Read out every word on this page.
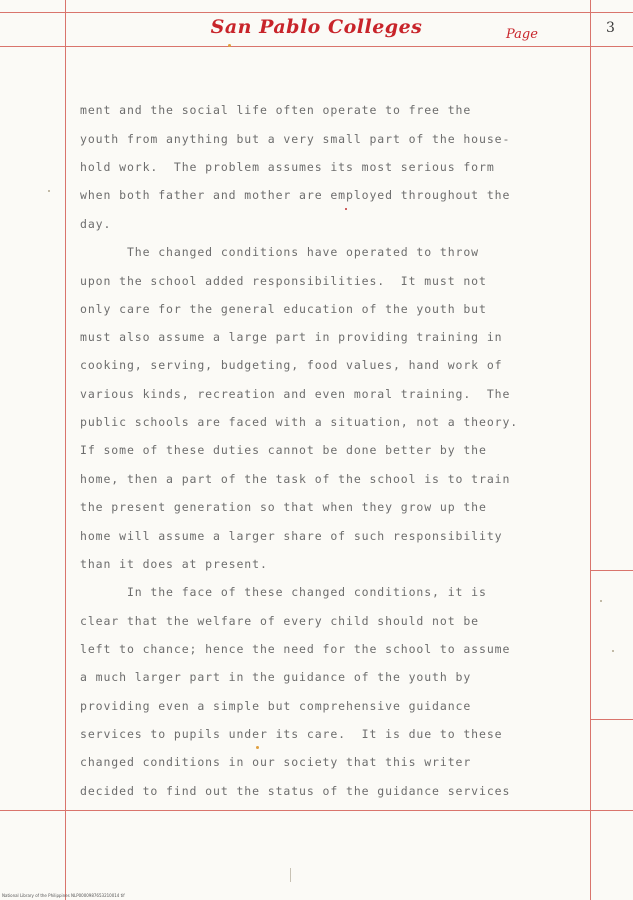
San Pablo Colleges	Page	3
ment and the social life often operate to free the
youth from anything but a very small part of the house-
hold work.  The problem assumes its most serious form
when both father and mother are employed throughout the
day.
The changed conditions have operated to throw
upon the school added responsibilities.  It must not
only care for the general education of the youth but
must also assume a large part in providing training in
cooking, serving, budgeting, food values, hand work of
various kinds, recreation and even moral training.  The
public schools are faced with a situation, not a theory.
If some of these duties cannot be done better by the
home, then a part of the task of the school is to train
the present generation so that when they grow up the
home will assume a larger share of such responsibility
than it does at present.
In the face of these changed conditions, it is
clear that the welfare of every child should not be
left to chance; hence the need for the school to assume
a much larger part in the guidance of the youth by
providing even a simple but comprehensive guidance
services to pupils under its care.  It is due to these
changed conditions in our society that this writer
decided to find out the status of the guidance services
National Library of the Philippines NLP0000987653210014 tif
